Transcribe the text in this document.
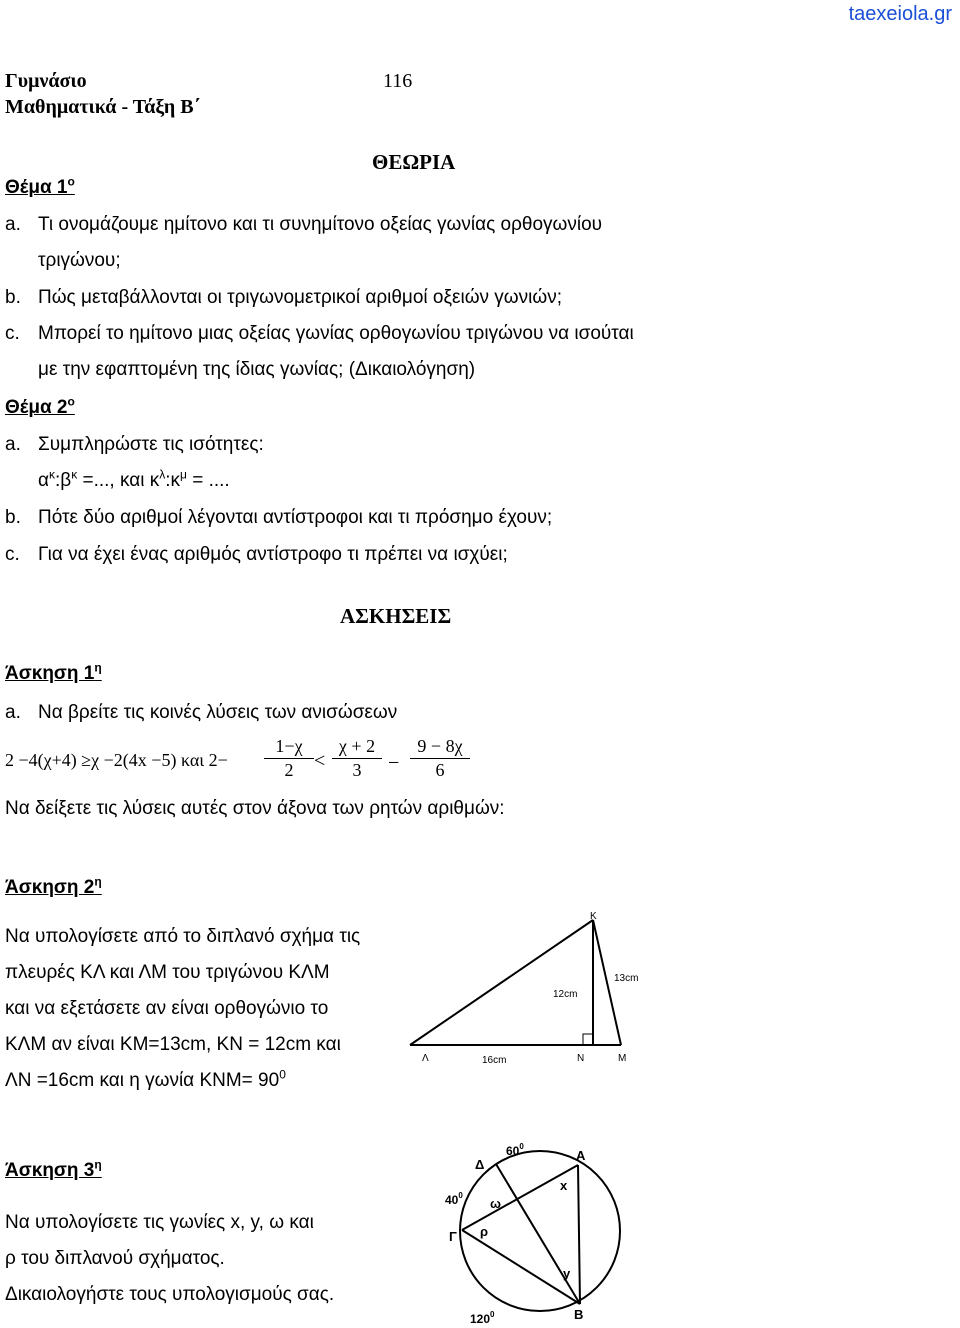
taexeiola.gr
Γυμνάσιο	116
Μαθηματικά - Τάξη Β΄
ΘΕΩΡΙΑ
Θέμα $1^o$
a. Τι ονομάζουμε ημίτονο και τι συνημίτονο οξείας γωνίας ορθογωνίου
τριγώνου;
b. Πώς μεταβάλλονται οι τριγωνομετρικοί αριθμοί οξειών γωνιών;
c. Μπορεί το ημίτονο μιας οξείας γωνίας ορθογωνίου τριγώνου να ισούται
με την εφαπτομένη της ίδιας γωνίας; (Δικαιολόγηση)
Θέμα $2^o$
a. Συμπληρώστε τις ισότητες:
$\alpha^\kappa:\beta^\kappa$ =..., και $\kappa^\lambda:\kappa^\mu$ = ....
b. Πότε δύο αριθμοί λέγονται αντίστροφοι και τι πρόσημο έχουν;
c. Για να έχει ένας αριθμός αντίστροφο τι πρέπει να ισχύει;
ΑΣΚΗΣΕΙΣ
Άσκηση $1^\eta$
a. Να βρείτε τις κοινές λύσεις των ανισώσεων
2 −4(χ+4) ≥χ −2(4x −5) και 2−
1−χ
2	<
χ + 2
3	−
9 − 8χ
6
Να δείξετε τις λύσεις αυτές στον άξονα των ρητών αριθμών:
Άσκηση $2^\eta$
Να υπολογίσετε από το διπλανό σχήμα τις
πλευρές ΚΛ και ΛΜ του τριγώνου ΚΛΜ
και να εξετάσετε αν είναι ορθογώνιο το
ΚΛΜ αν είναι ΚΜ=13cm, ΚΝ = 12cm και
ΛΝ =16cm και η γωνία $KNM= 90^0$
K
Λ	N	M
12cm
13cm
16cm
Άσκηση $3^\eta$
Να υπολογίσετε τις γωνίες x, y, ω και
ρ του διπλανού σχήματος.
Δικαιολογήστε τους υπολογισμούς σας.
A
B
Γ
Δ
$60^0$
$40^0$
$120^0$
x
y
ω
ρ
